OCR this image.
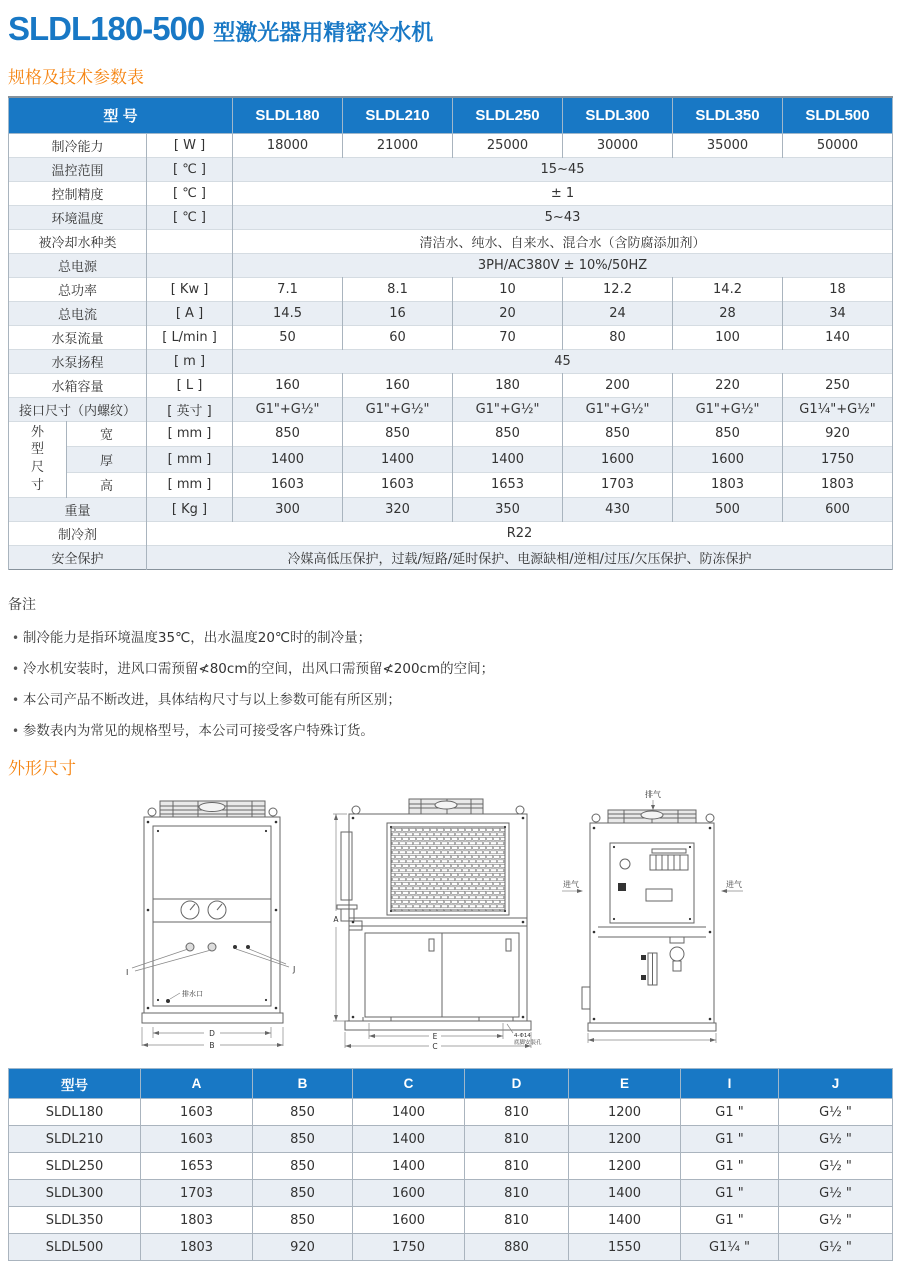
SLDL180-500 型激光器用精密冷水机
规格及技术参数表
型 号			SLDL180	SLDL210	SLDL250	SLDL300	SLDL350	SLDL500
制冷能力		[ W ]	18000	21000	25000	30000	35000	50000
温控范围		[ ℃ ]	15~45					
控制精度		[ ℃ ]	± 1					
环境温度		[ ℃ ]	5~43					
被冷却水种类			清洁水、纯水、自来水、混合水（含防腐添加剂）					
总电源			3PH/AC380V ± 10%/50HZ					
总功率		[ Kw ]	7.1	8.1	10	12.2	14.2	18
总电流		[ A ]	14.5	16	20	24	28	34
水泵流量		[ L/min ]	50	60	70	80	100	140
水泵扬程		[ m ]	45					
水箱容量		[ L ]	160	160	180	200	220	250
接口尺寸（内螺纹）		[ 英寸 ]	G1"+G½"	G1"+G½"	G1"+G½"	G1"+G½"	G1"+G½"	G1¼"+G½"
外型尺寸	宽	[ mm ]	850	850	850	850	850	920
	厚	[ mm ]	1400	1400	1400	1600	1600	1750
	高	[ mm ]	1603	1603	1653	1703	1803	1803
重量		[ Kg ]	300	320	350	430	500	600
制冷剂		R22						
安全保护		冷媒高低压保护，过载/短路/延时保护、电源缺相/逆相/过压/欠压保护、防冻保护						
备注
• 制冷能力是指环境温度35℃，出水温度20℃时的制冷量；
• 冷水机安装时，进风口需预留≮80cm的空间，出风口需预留≮200cm的空间；
• 本公司产品不断改进，具体结构尺寸与以上参数可能有所区别；
• 参数表内为常见的规格型号，本公司可接受客户特殊订货。
外形尺寸
I	J
排水口
D
B
A
E
C
4-Φ14
底脚安装孔
排气
进气	进气
型号	A	B	C	D	E	I	J
SLDL180	1603	850	1400	810	1200	G1 "	G½ "
SLDL210	1603	850	1400	810	1200	G1 "	G½ "
SLDL250	1653	850	1400	810	1200	G1 "	G½ "
SLDL300	1703	850	1600	810	1400	G1 "	G½ "
SLDL350	1803	850	1600	810	1400	G1 "	G½ "
SLDL500	1803	920	1750	880	1550	G1¼ "	G½ "
